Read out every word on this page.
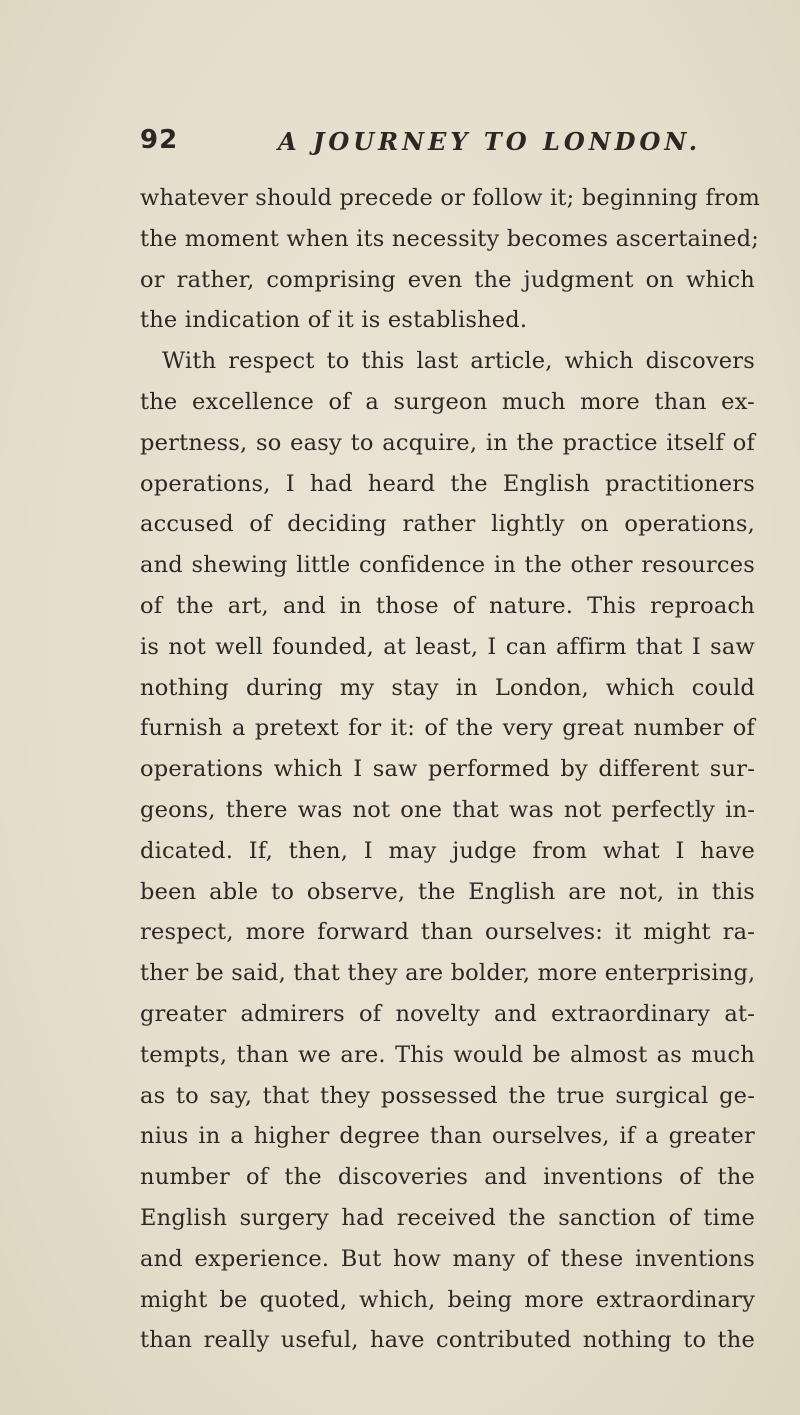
92	A JOURNEY TO LONDON.
whatever should precede or follow it; beginning from
the moment when its necessity becomes ascertained;
or rather, comprising even the judgment on which
the indication of it is established.
With respect to this last article, which discovers
the excellence of a surgeon much more than ex-
pertness, so easy to acquire, in the practice itself of
operations, I had heard the English practitioners
accused of deciding rather lightly on operations,
and shewing little confidence in the other resources
of the art, and in those of nature. This reproach
is not well founded, at least, I can affirm that I saw
nothing during my stay in London, which could
furnish a pretext for it: of the very great number of
operations which I saw performed by different sur-
geons, there was not one that was not perfectly in-
dicated. If, then, I may judge from what I have
been able to observe, the English are not, in this
respect, more forward than ourselves: it might ra-
ther be said, that they are bolder, more enterprising,
greater admirers of novelty and extraordinary at-
tempts, than we are. This would be almost as much
as to say, that they possessed the true surgical ge-
nius in a higher degree than ourselves, if a greater
number of the discoveries and inventions of the
English surgery had received the sanction of time
and experience. But how many of these inventions
might be quoted, which, being more extraordinary
than really useful, have contributed nothing to the
